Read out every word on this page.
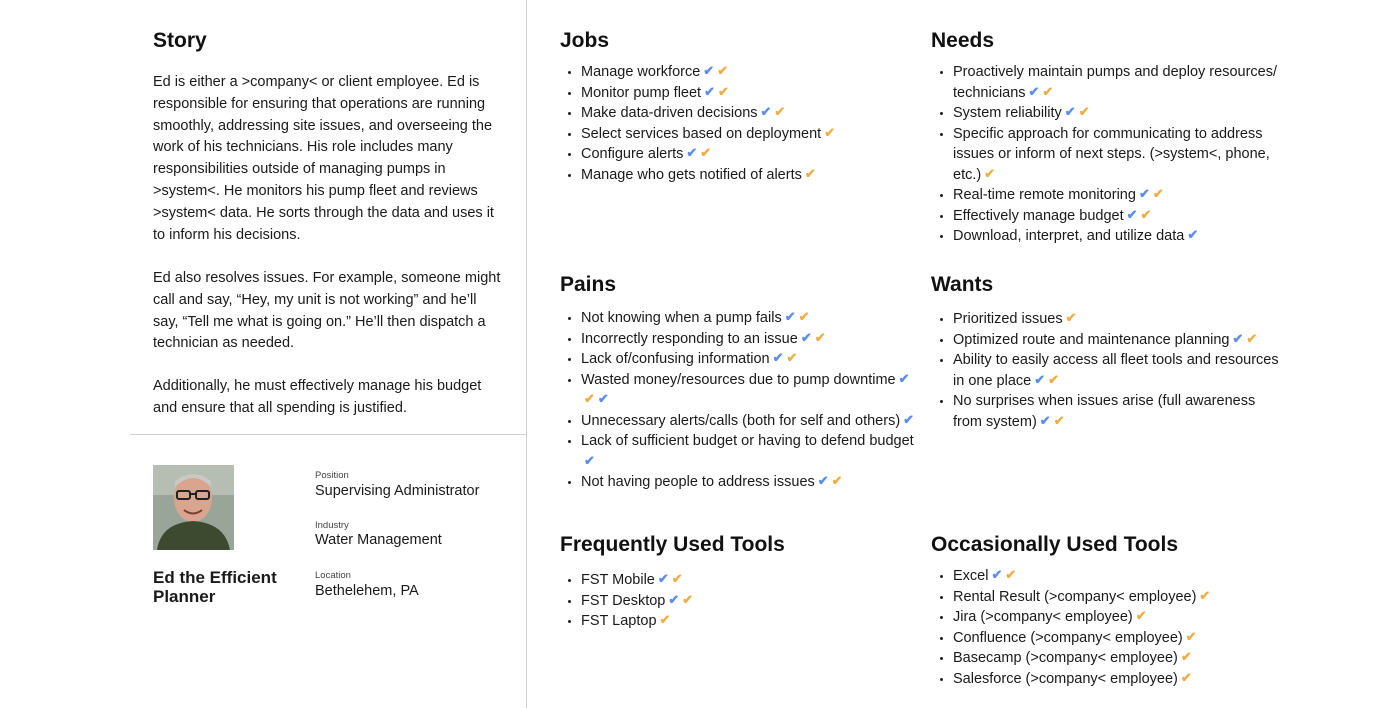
Story
Ed is either a >company< or client employee. Ed is responsible for ensuring that operations are running smoothly, addressing site issues, and overseeing the work of his technicians. His role includes many responsibilities outside of managing pumps in >system<. He monitors his pump fleet and reviews >system< data. He sorts through the data and uses it to inform his decisions.
Ed also resolves issues. For example, someone might call and say, “Hey, my unit is not working” and he’ll say, “Tell me what is going on.” He’ll then dispatch a technician as needed.
Additionally, he must effectively manage his budget and ensure that all spending is justified.
Ed the Efficient Planner
Position
Supervising Administrator
Industry
Water Management
Location
Bethelehem, PA
Jobs
Manage workforce ✔ ✔
Monitor pump fleet ✔ ✔
Make data-driven decisions ✔ ✔
Select services based on deployment ✔
Configure alerts ✔ ✔
Manage who gets notified of alerts ✔
Needs
Proactively maintain pumps and deploy resources/ technicians ✔ ✔
System reliability ✔ ✔
Specific approach for communicating to address issues or inform of next steps. (>system<, phone, etc.) ✔
Real-time remote monitoring ✔ ✔
Effectively manage budget ✔ ✔
Download, interpret, and utilize data ✔
Pains
Not knowing when a pump fails ✔ ✔
Incorrectly responding to an issue ✔ ✔
Lack of/confusing information ✔ ✔
Wasted money/resources due to pump downtime ✔✔ ✔
Unnecessary alerts/calls (both for self and others) ✔
Lack of sufficient budget or having to defend budget✔
Not having people to address issues ✔ ✔
Wants
Prioritized issues ✔
Optimized route and maintenance planning ✔ ✔
Ability to easily access all fleet tools and resources in one place ✔ ✔
No surprises when issues arise (full awareness from system) ✔ ✔
Frequently Used Tools
FST Mobile ✔ ✔
FST Desktop ✔ ✔
FST Laptop ✔
Occasionally Used Tools
Excel ✔ ✔
Rental Result (>company< employee) ✔
Jira (>company< employee) ✔
Confluence (>company< employee) ✔
Basecamp (>company< employee) ✔
Salesforce (>company< employee) ✔
